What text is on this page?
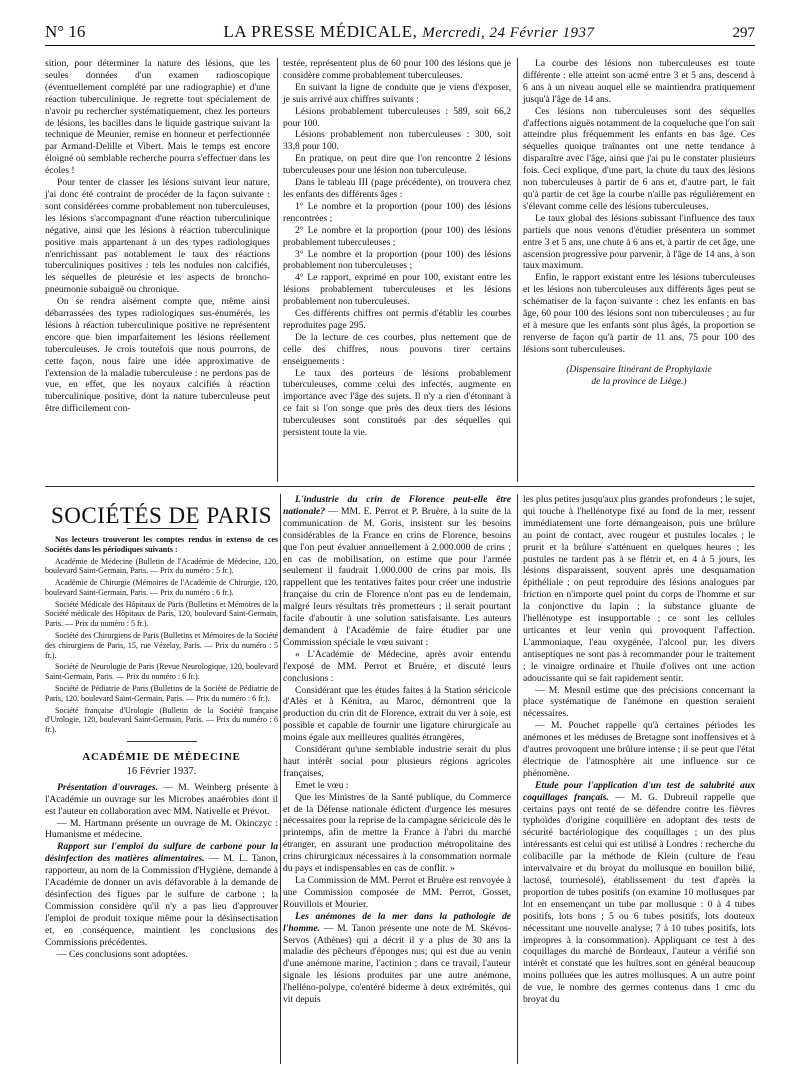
N° 16	LA PRESSE MÉDICALE, Mercredi, 24 Février 1937	297

sition, pour déterminer la nature des lésions, que les seules données d'un examen radioscopique (éventuellement complété par une radiographie) et d'une réaction tuberculinique. Je regrette tout spécialement de n'avoir pu rechercher systématiquement, chez les porteurs de lésions, les bacilles dans le liquide gastrique suivant la technique de Meunier, remise en honneur et perfectionnée par Armand-Delille et Vibert. Mais le temps est encore éloigné où semblable recherche pourra s'effectuer dans les écoles !

Pour tenter de classer les lésions suivant leur nature, j'ai donc été contraint de procéder de la façon suivante : sont considérées comme probablement non tuberculeuses, les lésions s'accompagnant d'une réaction tuberculinique négative, ainsi que les lésions à réaction tuberculinique positive mais appartenant à un des types radiologiques n'enrichissant pas notablement le taux des réactions tuberculiniques positives : tels les nodules non calcifiés, les séquelles de pleurésie et les aspects de broncho-pneumonie subaiguë ou chronique.

On se rendra aisément compte que, même ainsi débarrassées des types radiologiques sus-énumérés, les lésions à réaction tuberculinique positive ne représentent encore que bien imparfaitement les lésions réellement tuberculeuses. Je crois toutefois que nous pourrons, de cette façon, nous faire une idée approximative de l'extension de la maladie tuberculeuse : ne perdons pas de vue, en effet, que les noyaux calcifiés à réaction tuberculinique positive, dont la nature tuberculeuse peut être difficilement con-

testée, représentent plus de 60 pour 100 des lésions que je considère comme probablement tuberculeuses.

En suivant la ligne de conduite que je viens d'exposer, je suis arrivé aux chiffres suivants :

Lésions probablement tuberculeuses : 589, soit 66,2 pour 100.

Lésions probablement non tuberculeuses : 300, soit 33,8 pour 100.

En pratique, on peut dire que l'on rencontre 2 lésions tuberculeuses pour une lésion non tuberculeuse.

Dans le tableau III (page précédente), on trouvera chez les enfants des différents âges :

1° Le nombre et la proportion (pour 100) des lésions rencontrées ;

2° Le nombre et la proportion (pour 100) des lésions probablement tuberculeuses ;

3° Le nombre et la proportion (pour 100) des lésions probablement non tuberculeuses ;

4° Le rapport, exprimé en pour 100, existant entre les lésions probablement tuberculeuses et les lésions probablement non tuberculeuses.

Ces différents chiffres ont permis d'établir les courbes reproduites page 295.

De la lecture de ces courbes, plus nettement que de celle des chiffres, nous pouvons tirer certains enseignements :

Le taux des porteurs de lésions probablement tuberculeuses, comme celui des infectés, augmente en importance avec l'âge des sujets. Il n'y a rien d'étonnant à ce fait si l'on songe que près des deux tiers des lésions tuberculeuses sont constitués par des séquelles qui persistent toute la vie.

La courbe des lésions non tuberculeuses est toute différente : elle atteint son acmé entre 3 et 5 ans, descend à 6 ans à un niveau auquel elle se maintiendra pratiquement jusqu'à l'âge de 14 ans.

Ces lésions non tuberculeuses sont des séquelles d'affections aiguës notamment de la coqueluche que l'on sait atteindre plus fréquemment les enfants en bas âge. Ces séquelles quoique traînantes ont une nette tendance à disparaître avec l'âge, ainsi que j'ai pu le constater plusieurs fois. Ceci explique, d'une part, la chute du taux des lésions non tuberculeuses à partir de 6 ans et, d'autre part, le fait qu'à partir de cet âge la courbe n'aille pas régulièrement en s'élevant comme celle des lésions tuberculeuses.

Le taux global des lésions subissant l'influence des taux partiels que nous venons d'étudier présentera un sommet entre 3 et 5 ans, une chute à 6 ans et, à partir de cet âge, une ascension progressive pour parvenir, à l'âge de 14 ans, à son taux maximum.

Enfin, le rapport existant entre les lésions tuberculeuses et les lésions non tuberculeuses aux différents âges peut se schématiser de la façon suivante : chez les enfants en bas âge, 60 pour 100 des lésions sont non tuberculeuses ; au fur et à mesure que les enfants sont plus âgés, la proportion se renverse de façon qu'à partir de 11 ans, 75 pour 100 des lésions sont tuberculeuses.

(Dispensaire Itinérant de Prophylaxie
de la province de Liège.)
SOCIÉTÉS DE PARIS

Nos lecteurs trouveront les comptes rendus in extenso de ces Sociétés dans les périodiques suivants :

Académie de Médecine (Bulletin de l'Académie de Médecine, 120, boulevard Saint-Germain, Paris. — Prix du numéro : 5 fr.).

Académie de Chirurgie (Mémoires de l'Académie de Chirurgie, 120, boulevard Saint-Germain, Paris. — Prix du numéro : 6 fr.).

Société Médicale des Hôpitaux de Paris (Bulletins et Mémoires de la Société médicale des Hôpitaux de Paris, 120, boulevard Saint-Germain, Paris. — Prix du numéro : 5 fr.).

Société des Chirurgiens de Paris (Bulletins et Mémoires de la Société des chirurgiens de Paris, 15, rue Vézelay, Paris. — Prix du numéro : 5 fr.).

Société de Neurologie de Paris (Revue Neurologique, 120, boulevard Saint-Germain, Paris. — Prix du numéro : 6 fr.).

Société de Pédiatrie de Paris (Bulletins de la Société de Pédiatrie de Paris, 120, boulevard Saint-Germain, Paris. — Prix du numéro : 6 fr.).

Société française d'Urologie (Bulletin de la Société française d'Urologie, 120, boulevard Saint-Germain, Paris. — Prix du numéro : 6 fr.).

ACADÉMIE DE MÉDECINE
16 Février 1937.

Présentation d'ouvrages. — M. Weinberg présente à l'Académie un ouvrage sur les Microbes anaérobies dont il est l'auteur en collaboration avec MM. Nativelle et Prévot.

— M. Hartmann présente un ouvrage de M. Okinczyc : Humanisme et médecine.

Rapport sur l'emploi du sulfure de carbone pour la désinfection des matières alimentaires. — M. L. Tanon, rapporteur, au nom de la Commission d'Hygiène, demande à l'Académie de donner un avis défavorable à la demande de désinfection des figues par le sulfure de carbone ; la Commission considère qu'il n'y a pas lieu d'approuver l'emploi de produit toxique même pour la désinsectisation et, en conséquence, maintient les conclusions des Commissions précédentes.

— Ces conclusions sont adoptées.

L'industrie du crin de Florence peut-elle être nationale? — MM. E. Perrot et P. Bruère, à la suite de la communication de M. Goris, insistent sur les besoins considérables de la France en crins de Florence, besoins que l'on peut évaluer annuellement à 2.000.000 de crins ; en cas de mobilisation, on estime que pour l'armée seulement il faudrait 1.000.000 de crins par mois. Ils rappellent que les tentatives faites pour créer une industrie française du crin de Florence n'ont pas eu de lendemain, malgré leurs résultats très prometteurs ; il serait pourtant facile d'aboutir à une solution satisfaisante. Les auteurs demandent à l'Académie de faire étudier par une Commission spéciale le vœu suivant :

« L'Académie de Médecine, après avoir entendu l'exposé de MM. Perrot et Bruère, et discuté leurs conclusions :

Considérant que les études faites à la Station séricicole d'Alès et à Kénitra, au Maroc, démontrent que la production du crin dit de Florence, extrait du ver à soie, est possible et capable de fournir une ligature chirurgicale au moins égale aux meilleures qualités étrangères,

Considérant qu'une semblable industrie serait du plus haut intérêt social pour plusieurs régions agricoles françaises,

Emet le vœu :

Que les Ministres de la Santé publique, du Commerce et de la Défense nationale édictent d'urgence les mesures nécessaires pour la reprise de la campagne séricicole dès le printemps, afin de mettre la France à l'abri du marché étranger, en assurant une production métropolitaine des crins chirurgicaux nécessaires à la consommation normale du pays et indispensables en cas de conflit. »

La Commission de MM. Perrot et Bruère est renvoyée à une Commission composée de MM. Perrot, Gosset, Rouvillois et Mourier.

Les anémones de la mer dans la pathologie de l'homme. — M. Tanon présente une note de M. Skévos-Servos (Athènes) qui a décrit il y a plus de 30 ans la maladie des pêcheurs d'éponges nus; qui est due au venin d'une anémone marine, l'actinion ; dans ce travail, l'auteur signale les lésions produites par une autre anémone, l'helléno-polype, co'entéré biderme à deux extrémités, qui vit depuis

les plus petites jusqu'aux plus grandes profondeurs ; le sujet, qui touche à l'hellénotype fixé au fond de la mer, ressent immédiatement une forte démangeaison, puis une brûlure au point de contact, avec rougeur et pustules locales ; le prurit et la brûlure s'atténuent en quelques heures ; les pustules ne tardent pas à se flétrir et, en 4 à 5 jours, les lésions disparaissent, souvent après une desquamation épithéliale ; on peut reproduire des lésions analogues par friction en n'importe quel point du corps de l'homme et sur la conjonctive du lapin ; la substance gluante de l'hellénotype est insupportable ; ce sont les cellules urticantes et leur venin qui provoquent l'affection. L'ammoniaque, l'eau oxygénée, l'alcool pur, les divers antiseptiques ne sont pas à recommander pour le traitement ; le vinaigre ordinaire et l'huile d'olives ont une action adoucissante qui se fait rapidement sentir.

— M. Mesnil estime que des précisions concernant la place systématique de l'anémone en question seraient nécessaires.

— M. Pouchet rappelle qu'à certaines périodes les anémones et les méduses de Bretagne sont inoffensives et à d'autres provoquent une brûlure intense ; il se peut que l'état électrique de l'atmosphère ait une influence sur ce phénomène.

Etude pour l'application d'un test de salubrité aux coquillages français. — M. G. Dubreuil rappelle que certains pays ont tenté de se défendre contre les fièvres typhoïdes d'origine coquillière en adoptant des tests de sécurité bactériologique des coquillages ; un des plus intéressants est celui qui est utilisé à Londres : recherche du colibacille par la méthode de Klein (culture de l'eau intervalvaire et du broyat du mollusque en bouillon bilié, lactosé, tournesolé), établissement du test d'après la proportion de tubes positifs (on examine 10 mollusques par lot en ensemençant un tube par mollusque : 0 à 4 tubes positifs, lots bons ; 5 ou 6 tubes positifs, lots douteux nécessitant une nouvelle analyse; 7 à 10 tubes positifs, lots impropres à la consommation). Appliquant ce test à des coquillages du marché de Bordeaux, l'auteur a vérifié son intérêt et constaté que les huîtres sont en général beaucoup moins polluées que les autres mollusques. A un autre point de vue, le nombre des germes contenus dans 1 cmc du broyat du
